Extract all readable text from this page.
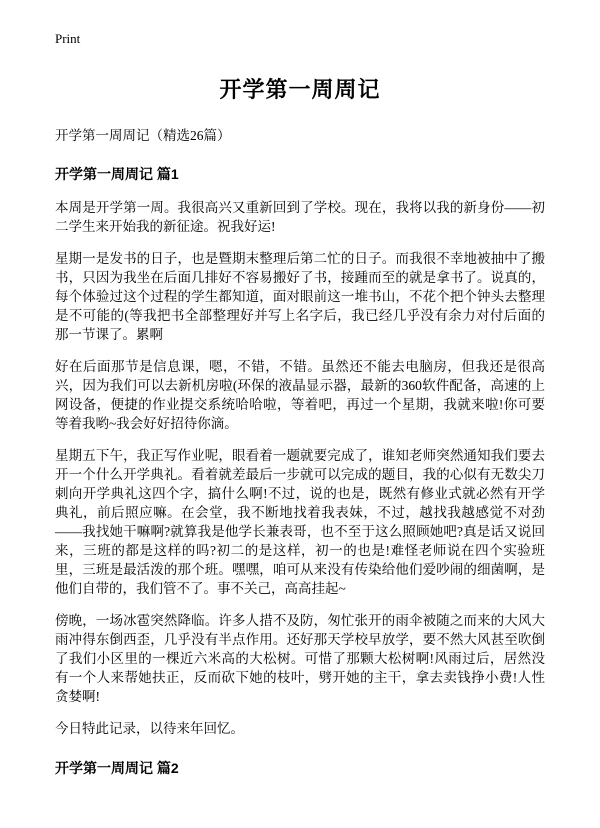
Print
开学第一周周记

开学第一周周记（精选26篇）

开学第一周周记 篇1

本周是开学第一周。我很高兴又重新回到了学校。现在，我将以我的新身份——初二学生来开始我的新征途。祝我好运!

星期一是发书的日子，也是暨期末整理后第二忙的日子。而我很不幸地被抽中了搬书，只因为我坐在后面几排好不容易搬好了书，接踵而至的就是拿书了。说真的，每个体验过这个过程的学生都知道，面对眼前这一堆书山，不花个把个钟头去整理是不可能的(等我把书全部整理好并写上名字后，我已经几乎没有余力对付后面的那一节课了。累啊

好在后面那节是信息课，嗯，不错，不错。虽然还不能去电脑房，但我还是很高兴，因为我们可以去新机房啦(环保的液晶显示器，最新的360软件配备，高速的上网设备，便捷的作业提交系统哈哈啦，等着吧，再过一个星期，我就来啦!你可要等着我哟~我会好好招待你滴。

星期五下午，我正写作业呢，眼看着一题就要完成了，谁知老师突然通知我们要去开一个什么开学典礼。看着就差最后一步就可以完成的题目，我的心似有无数尖刀刺向开学典礼这四个字，搞什么啊!不过，说的也是，既然有修业式就必然有开学典礼，前后照应嘛。在会堂，我不断地找着我表妹，不过，越找我越感觉不对劲——我找她干嘛啊?就算我是他学长兼表哥，也不至于这么照顾她吧?真是话又说回来，三班的都是这样的吗?初二的是这样，初一的也是!难怪老师说在四个实验班里，三班是最活泼的那个班。嘿嘿，咱可从来没有传染给他们爱吵闹的细菌啊，是他们自带的，我们管不了。事不关己，高高挂起~

傍晚，一场冰雹突然降临。许多人措不及防，匆忙张开的雨伞被随之而来的大风大雨冲得东倒西歪，几乎没有半点作用。还好那天学校早放学，要不然大风甚至吹倒了我们小区里的一棵近六米高的大松树。可惜了那颗大松树啊!风雨过后，居然没有一个人来帮她扶正，反而砍下她的枝叶，劈开她的主干，拿去卖钱挣小费!人性贪婪啊!

今日特此记录，以待来年回忆。

开学第一周周记 篇2
